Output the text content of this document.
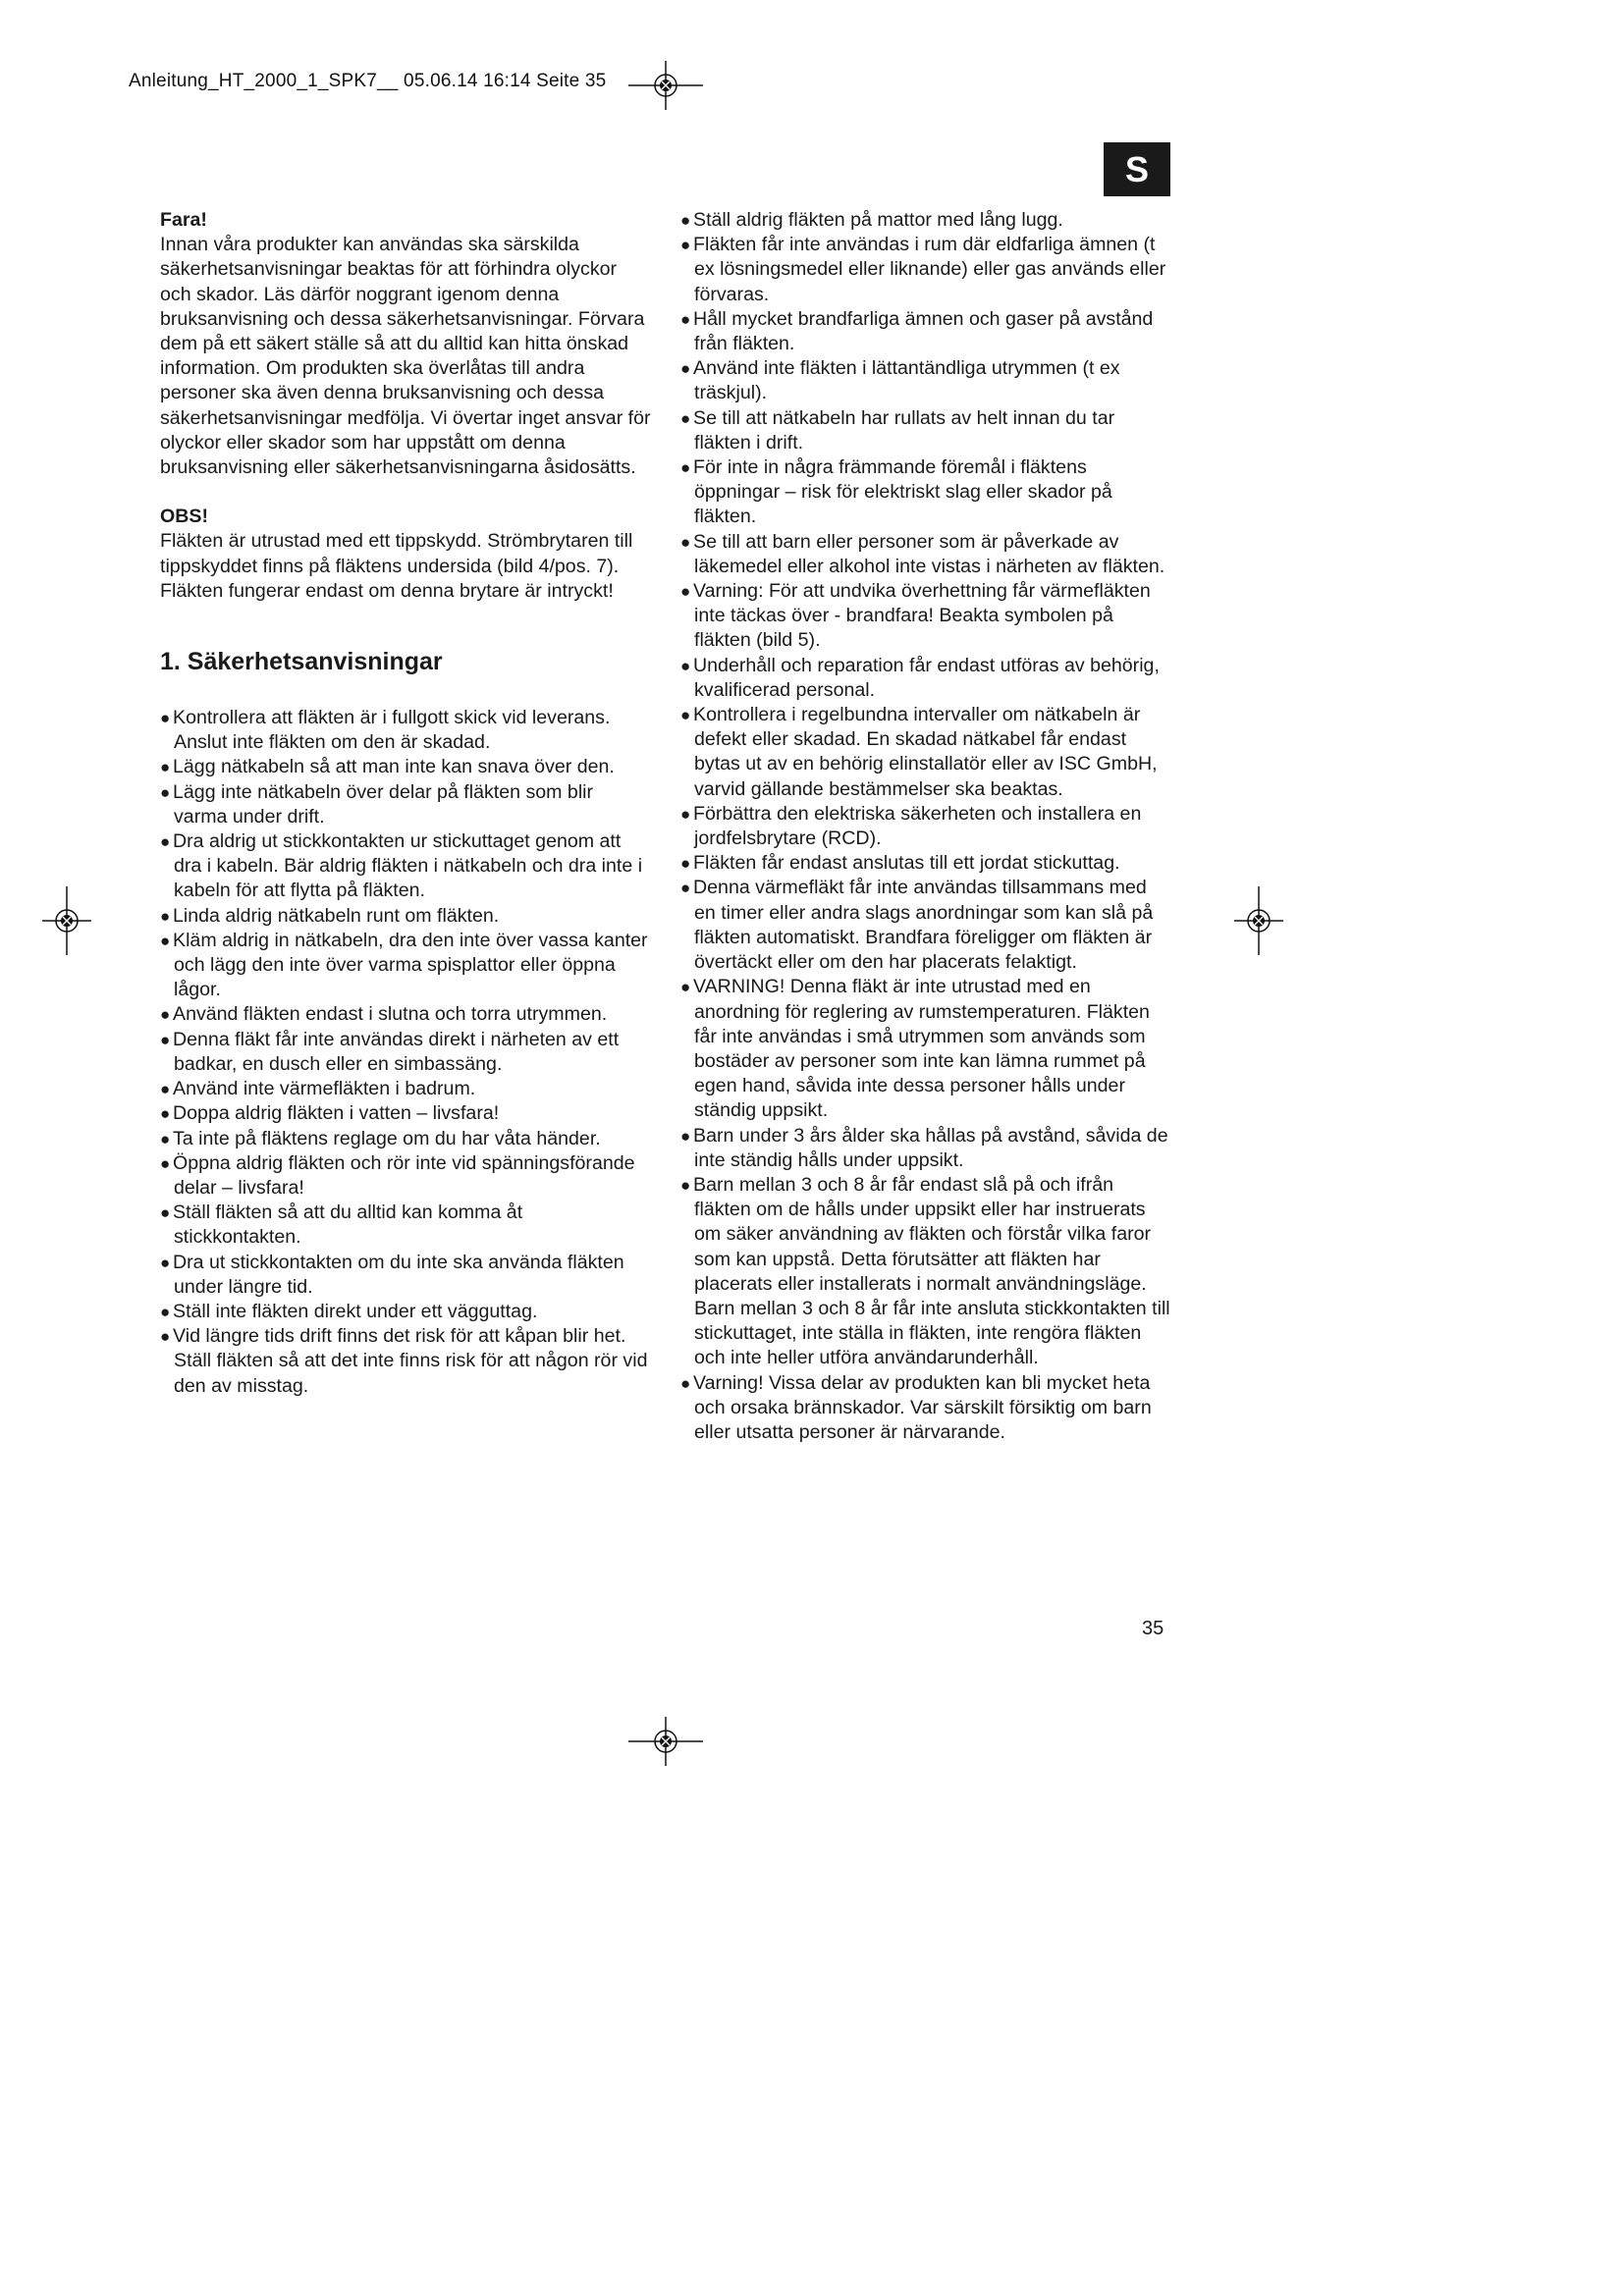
Anleitung_HT_2000_1_SPK7__ 05.06.14 16:14 Seite 35
S

Fara!

Innan våra produkter kan användas ska särskilda säkerhetsanvisningar beaktas för att förhindra olyckor och skador. Läs därför noggrant igenom denna bruksanvisning och dessa säkerhetsanvisningar. Förvara dem på ett säkert ställe så att du alltid kan hitta önskad information. Om produkten ska överlåtas till andra personer ska även denna bruksanvisning och dessa säkerhetsanvisningar medfölja. Vi övertar inget ansvar för olyckor eller skador som har uppstått om denna bruksanvisning eller säkerhetsanvisningarna åsidosätts.

OBS!

Fläkten är utrustad med ett tippskydd. Strömbrytaren till tippskyddet finns på fläktens undersida (bild 4/pos. 7). Fläkten fungerar endast om denna brytare är intryckt!

1. Säkerhetsanvisningar
● Kontrollera att fläkten är i fullgott skick vid leverans. Anslut inte fläkten om den är skadad.
● Lägg nätkabeln så att man inte kan snava över den.
● Lägg inte nätkabeln över delar på fläkten som blir varma under drift.
● Dra aldrig ut stickkontakten ur stickuttaget genom att dra i kabeln. Bär aldrig fläkten i nätkabeln och dra inte i kabeln för att flytta på fläkten.
● Linda aldrig nätkabeln runt om fläkten.
● Kläm aldrig in nätkabeln, dra den inte över vassa kanter och lägg den inte över varma spisplattor eller öppna lågor.
● Använd fläkten endast i slutna och torra utrymmen.
● Denna fläkt får inte användas direkt i närheten av ett badkar, en dusch eller en simbassäng.
● Använd inte värmefläkten i badrum.
● Doppa aldrig fläkten i vatten – livsfara!
● Ta inte på fläktens reglage om du har våta händer.
● Öppna aldrig fläkten och rör inte vid spänningsförande delar – livsfara!
● Ställ fläkten så att du alltid kan komma åt stickkontakten.
● Dra ut stickkontakten om du inte ska använda fläkten under längre tid.
● Ställ inte fläkten direkt under ett vägguttag.
● Vid längre tids drift finns det risk för att kåpan blir het. Ställ fläkten så att det inte finns risk för att någon rör vid den av misstag.
● Ställ aldrig fläkten på mattor med lång lugg.
● Fläkten får inte användas i rum där eldfarliga ämnen (t ex lösningsmedel eller liknande) eller gas används eller förvaras.
● Håll mycket brandfarliga ämnen och gaser på avstånd från fläkten.
● Använd inte fläkten i lättantändliga utrymmen (t ex träskjul).
● Se till att nätkabeln har rullats av helt innan du tar fläkten i drift.
● För inte in några främmande föremål i fläktens öppningar – risk för elektriskt slag eller skador på fläkten.
● Se till att barn eller personer som är påverkade av läkemedel eller alkohol inte vistas i närheten av fläkten.
● Varning: För att undvika överhettning får värmefläkten inte täckas över - brandfara! Beakta symbolen på fläkten (bild 5).
● Underhåll och reparation får endast utföras av behörig, kvalificerad personal.
● Kontrollera i regelbundna intervaller om nätkabeln är defekt eller skadad. En skadad nätkabel får endast bytas ut av en behörig elinstallatör eller av ISC GmbH, varvid gällande bestämmelser ska beaktas.
● Förbättra den elektriska säkerheten och installera en jordfelsbrytare (RCD).
● Fläkten får endast anslutas till ett jordat stickuttag.
● Denna värmefläkt får inte användas tillsammans med en timer eller andra slags anordningar som kan slå på fläkten automatiskt. Brandfara föreligger om fläkten är övertäckt eller om den har placerats felaktigt.
● VARNING! Denna fläkt är inte utrustad med en anordning för reglering av rumstemperaturen. Fläkten får inte användas i små utrymmen som används som bostäder av personer som inte kan lämna rummet på egen hand, såvida inte dessa personer hålls under ständig uppsikt.
● Barn under 3 års ålder ska hållas på avstånd, såvida de inte ständig hålls under uppsikt.
● Barn mellan 3 och 8 år får endast slå på och ifrån fläkten om de hålls under uppsikt eller har instruerats om säker användning av fläkten och förstår vilka faror som kan uppstå. Detta förutsätter att fläkten har placerats eller installerats i normalt användningsläge. Barn mellan 3 och 8 år får inte ansluta stickkontakten till stickuttaget, inte ställa in fläkten, inte rengöra fläkten och inte heller utföra användarunderhåll.
● Varning! Vissa delar av produkten kan bli mycket heta och orsaka brännskador. Var särskilt försiktig om barn eller utsatta personer är närvarande.
35
